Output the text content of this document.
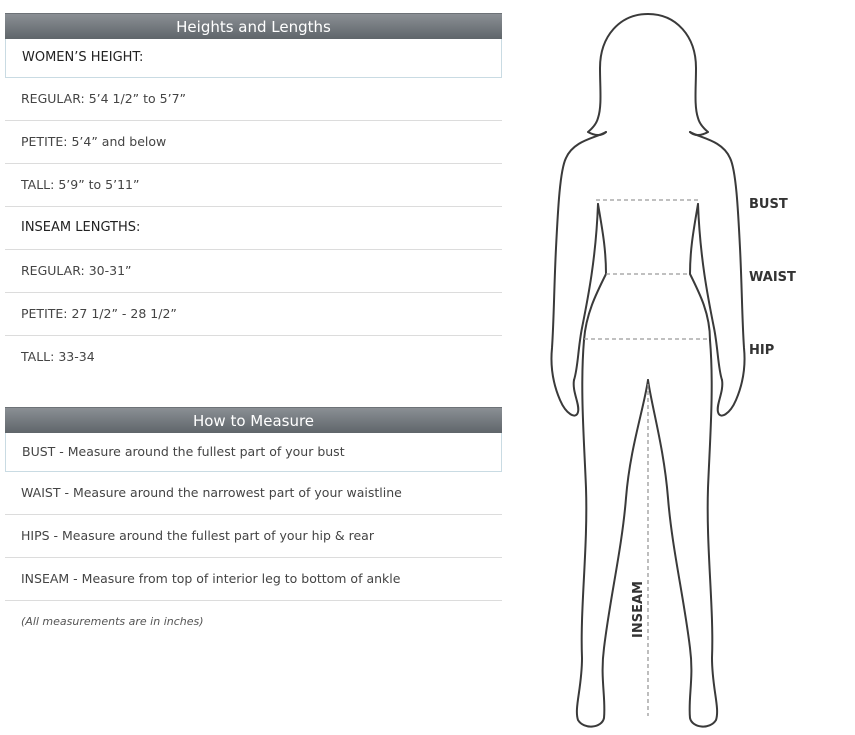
Heights and Lengths
WOMEN’S HEIGHT:
REGULAR: 5’4 1/2” to 5’7”
PETITE: 5’4” and below
TALL: 5’9” to 5’11”
INSEAM LENGTHS:
REGULAR: 30-31”
PETITE: 27 1/2” - 28 1/2”
TALL: 33-34
How to Measure
BUST - Measure around the fullest part of your bust
WAIST - Measure around the narrowest part of your waistline
HIPS - Measure around the fullest part of your hip & rear
INSEAM - Measure from top of interior leg to bottom of ankle
(All measurements are in inches)
BUST
WAIST
HIP
INSEAM
